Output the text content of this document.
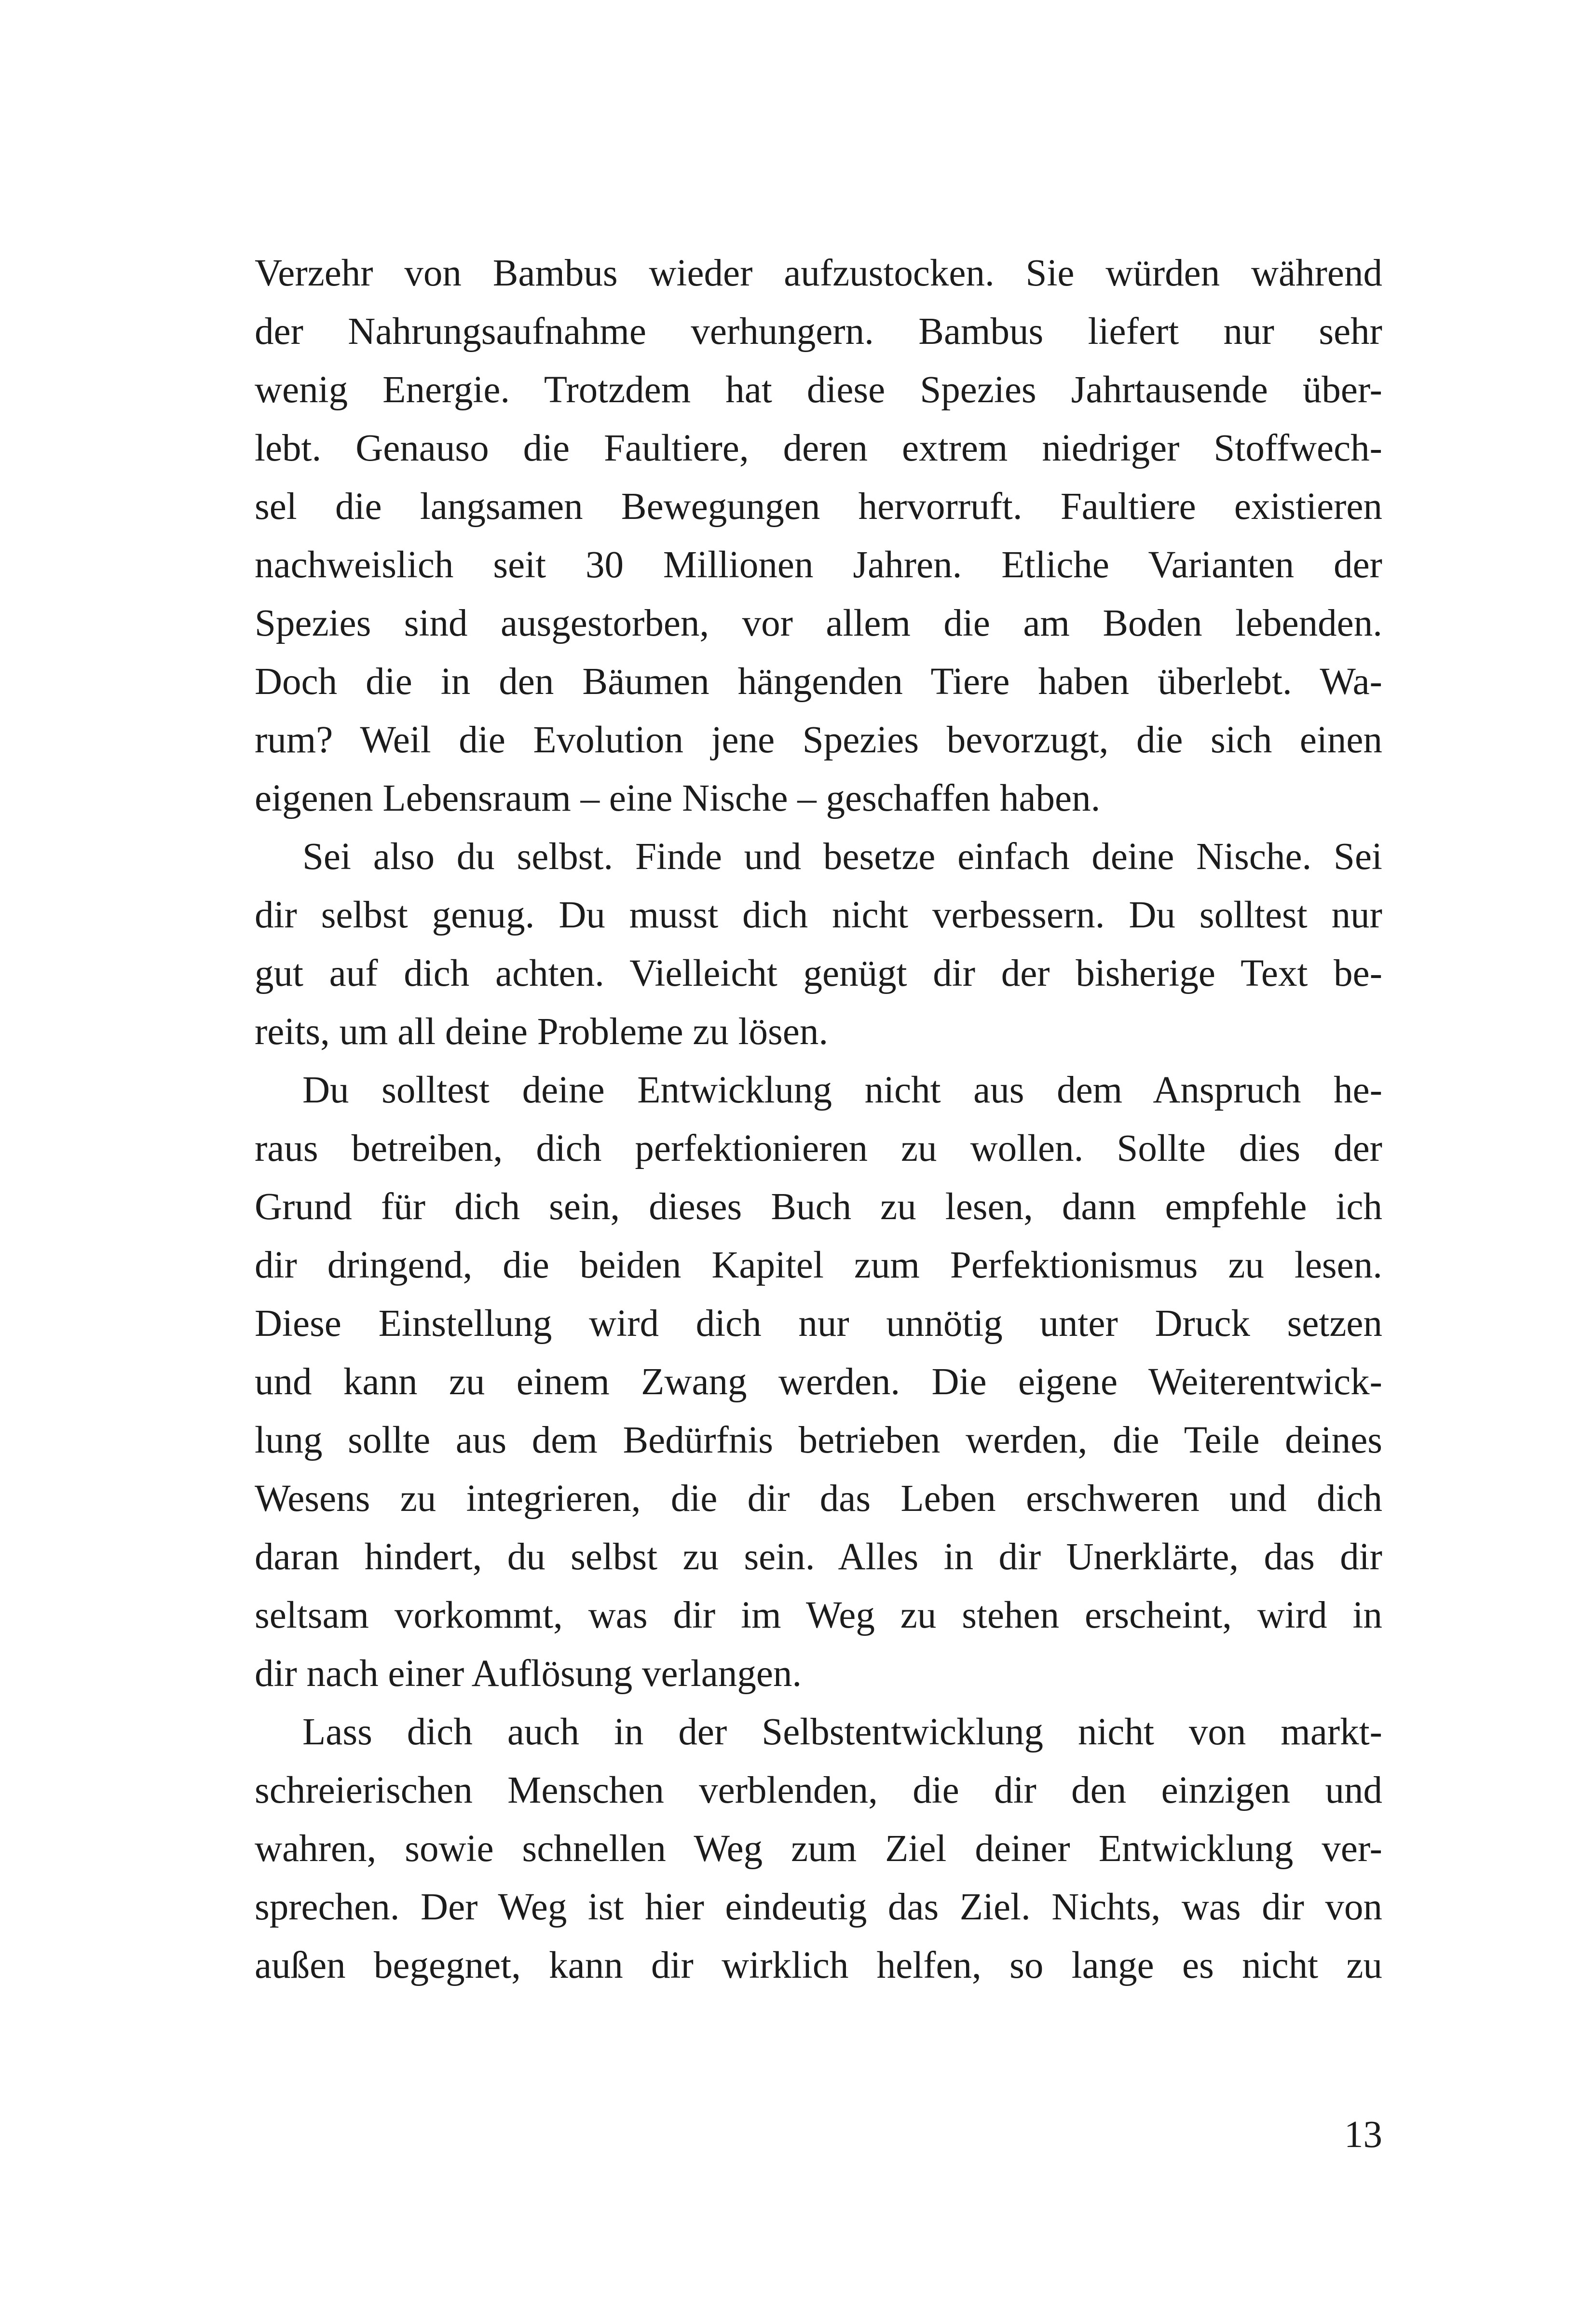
Verzehr von Bambus wieder aufzustocken. Sie würden während
der Nahrungsaufnahme verhungern. Bambus liefert nur sehr
wenig Energie. Trotzdem hat diese Spezies Jahrtausende über-
lebt. Genauso die Faultiere, deren extrem niedriger Stoffwech-
sel die langsamen Bewegungen hervorruft. Faultiere existieren
nachweislich seit 30 Millionen Jahren. Etliche Varianten der
Spezies sind ausgestorben, vor allem die am Boden lebenden.
Doch die in den Bäumen hängenden Tiere haben überlebt. Wa-
rum? Weil die Evolution jene Spezies bevorzugt, die sich einen
eigenen Lebensraum – eine Nische – geschaffen haben.
Sei also du selbst. Finde und besetze einfach deine Nische. Sei
dir selbst genug. Du musst dich nicht verbessern. Du solltest nur
gut auf dich achten. Vielleicht genügt dir der bisherige Text be-
reits, um all deine Probleme zu lösen.
Du solltest deine Entwicklung nicht aus dem Anspruch he-
raus betreiben, dich perfektionieren zu wollen. Sollte dies der
Grund für dich sein, dieses Buch zu lesen, dann empfehle ich
dir dringend, die beiden Kapitel zum Perfektionismus zu lesen.
Diese Einstellung wird dich nur unnötig unter Druck setzen
und kann zu einem Zwang werden. Die eigene Weiterentwick-
lung sollte aus dem Bedürfnis betrieben werden, die Teile deines
Wesens zu integrieren, die dir das Leben erschweren und dich
daran hindert, du selbst zu sein. Alles in dir Unerklärte, das dir
seltsam vorkommt, was dir im Weg zu stehen erscheint, wird in
dir nach einer Auflösung verlangen.
Lass dich auch in der Selbstentwicklung nicht von markt-
schreierischen Menschen verblenden, die dir den einzigen und
wahren, sowie schnellen Weg zum Ziel deiner Entwicklung ver-
sprechen. Der Weg ist hier eindeutig das Ziel. Nichts, was dir von
außen begegnet, kann dir wirklich helfen, so lange es nicht zu
13
